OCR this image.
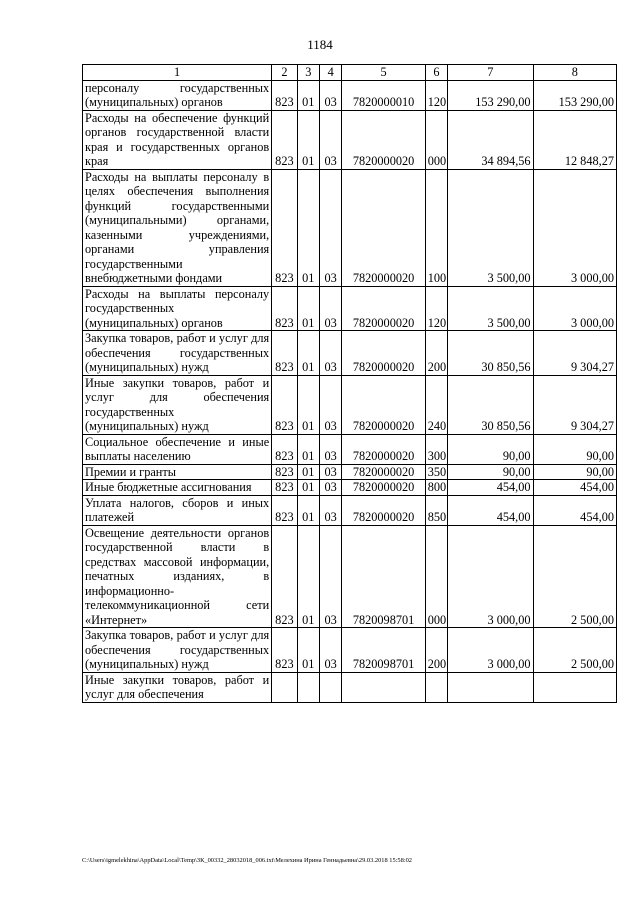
1184
1	2	3	4	5	6	7	8
персоналу государственных (муниципальных) органов	823	01	03	7820000010	120	153 290,00	153 290,00
Расходы на обеспечение функций органов государственной власти края и государственных органов края	823	01	03	7820000020	000	34 894,56	12 848,27
Расходы на выплаты персоналу в целях обеспечения выполнения функций государственными (муниципальными) органами, казенными учреждениями, органами управления государственными внебюджетными фондами	823	01	03	7820000020	100	3 500,00	3 000,00
Расходы на выплаты персоналу государственных (муниципальных) органов	823	01	03	7820000020	120	3 500,00	3 000,00
Закупка товаров, работ и услуг для обеспечения государственных (муниципальных) нужд	823	01	03	7820000020	200	30 850,56	9 304,27
Иные закупки товаров, работ и услуг для обеспечения государственных (муниципальных) нужд	823	01	03	7820000020	240	30 850,56	9 304,27
Социальное обеспечение и иные выплаты населению	823	01	03	7820000020	300	90,00	90,00
Премии и гранты	823	01	03	7820000020	350	90,00	90,00
Иные бюджетные ассигнования	823	01	03	7820000020	800	454,00	454,00
Уплата налогов, сборов и иных платежей	823	01	03	7820000020	850	454,00	454,00
Освещение деятельности органов государственной власти в средствах массовой информации, печатных изданиях, в информационно-телекоммуникационной сети «Интернет»	823	01	03	7820098701	000	3 000,00	2 500,00
Закупка товаров, работ и услуг для обеспечения государственных (муниципальных) нужд	823	01	03	7820098701	200	3 000,00	2 500,00
Иные закупки товаров, работ и услуг для обеспечения							
C:\Users\igmelekhina\AppData\Local\Temp\ЗК_00332_28032018_006.txt\Мелехина Ирина Геннадьевна\29.03.2018 15:58:02
